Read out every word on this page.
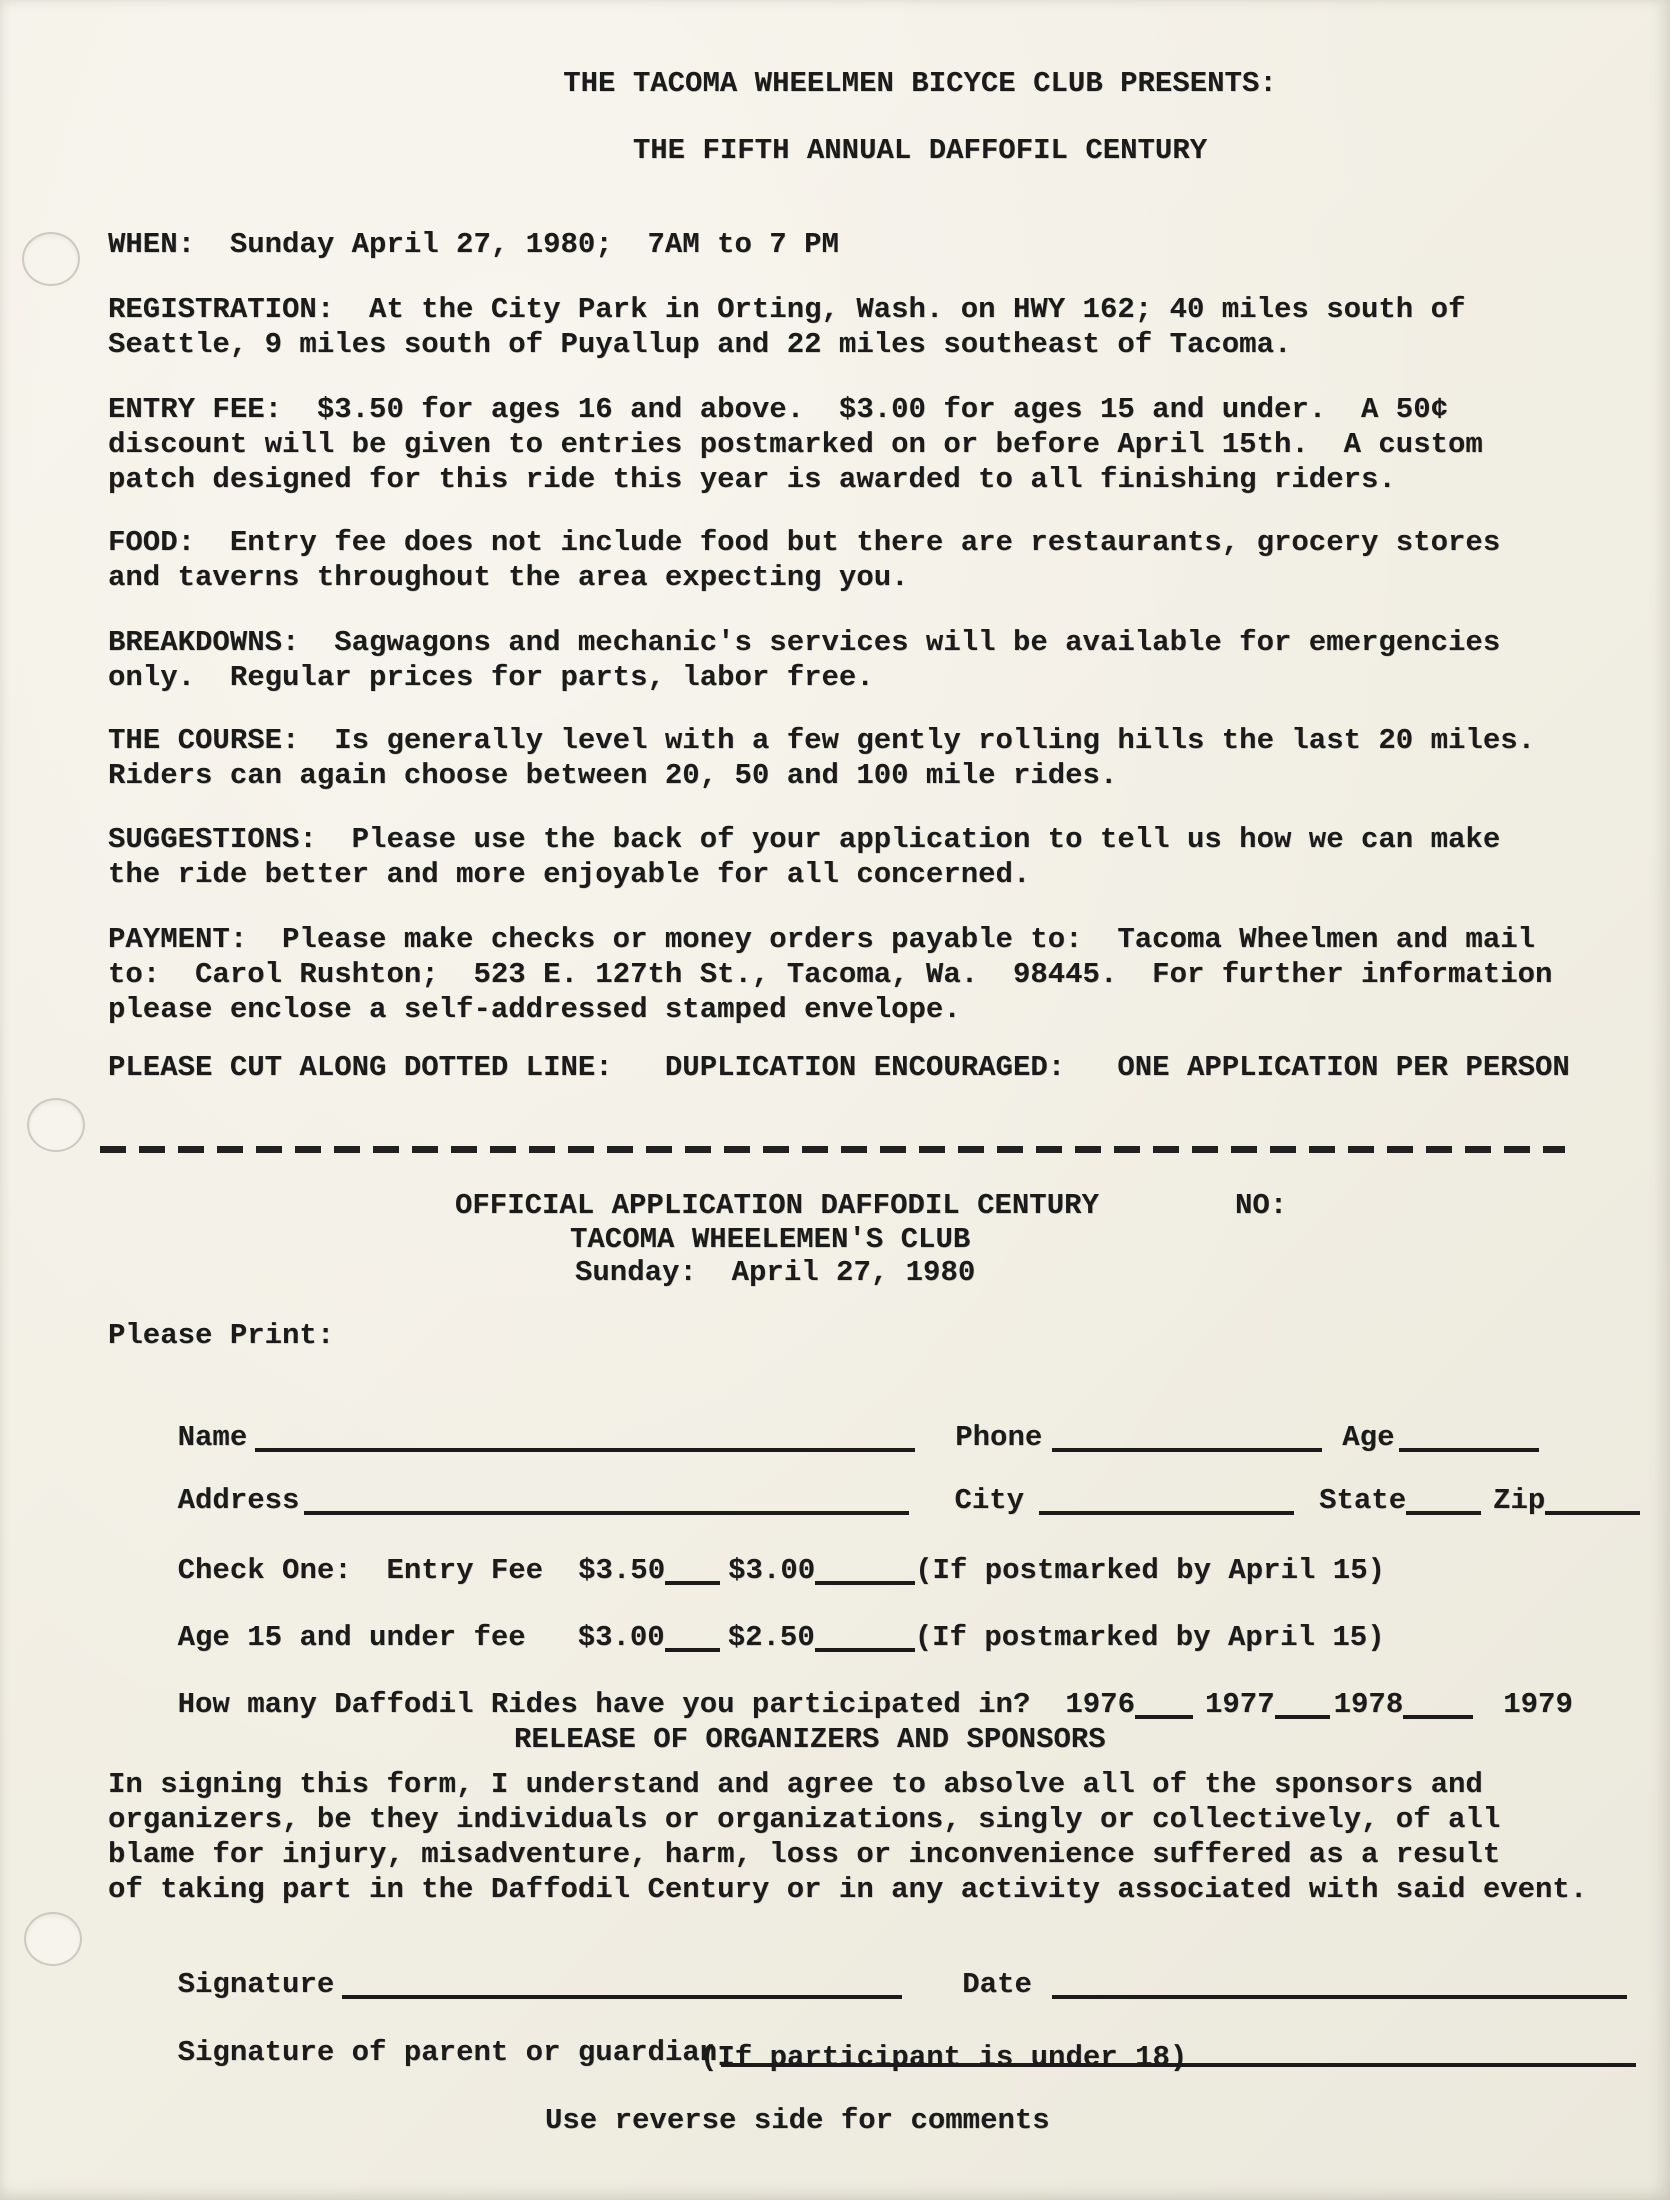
THE TACOMA WHEELMEN BICYCE CLUB PRESENTS:
THE FIFTH ANNUAL DAFFOFIL CENTURY
WHEN:  Sunday April 27, 1980;  7AM to 7 PM
REGISTRATION:  At the City Park in Orting, Wash. on HWY 162; 40 miles south of
Seattle, 9 miles south of Puyallup and 22 miles southeast of Tacoma.
ENTRY FEE:  $3.50 for ages 16 and above.  $3.00 for ages 15 and under.  A 50¢
discount will be given to entries postmarked on or before April 15th.  A custom
patch designed for this ride this year is awarded to all finishing riders.
FOOD:  Entry fee does not include food but there are restaurants, grocery stores
and taverns throughout the area expecting you.
BREAKDOWNS:  Sagwagons and mechanic's services will be available for emergencies
only.  Regular prices for parts, labor free.
THE COURSE:  Is generally level with a few gently rolling hills the last 20 miles.
Riders can again choose between 20, 50 and 100 mile rides.
SUGGESTIONS:  Please use the back of your application to tell us how we can make
the ride better and more enjoyable for all concerned.
PAYMENT:  Please make checks or money orders payable to:  Tacoma Wheelmen and mail
to:  Carol Rushton;  523 E. 127th St., Tacoma, Wa.  98445.  For further information
please enclose a self-addressed stamped envelope.
PLEASE CUT ALONG DOTTED LINE:   DUPLICATION ENCOURAGED:   ONE APPLICATION PER PERSON
OFFICIAL APPLICATION DAFFODIL CENTURY	NO:
TACOMA WHEELEMEN'S CLUB
Sunday:  April 27, 1980
Please Print:

Name	Phone	Age

Address	City	State	Zip

Check One:  Entry Fee $3.50 $3.00	(If postmarked by April 15)

Age 15 and under fee $3.00 $2.50	(If postmarked by April 15)

How many Daffodil Rides have you participated in? 1976 1977 1978	1979

RELEASE OF ORGANIZERS AND SPONSORS
In signing this form, I understand and agree to absolve all of the sponsors and
organizers, be they individuals or organizations, singly or collectively, of all
blame for injury, misadventure, harm, loss or inconvenience suffered as a result
of taking part in the Daffodil Century or in any activity associated with said event.

Signature	Date

Signature of parent or guardian

(If participant is under 18)
Use reverse side for comments
